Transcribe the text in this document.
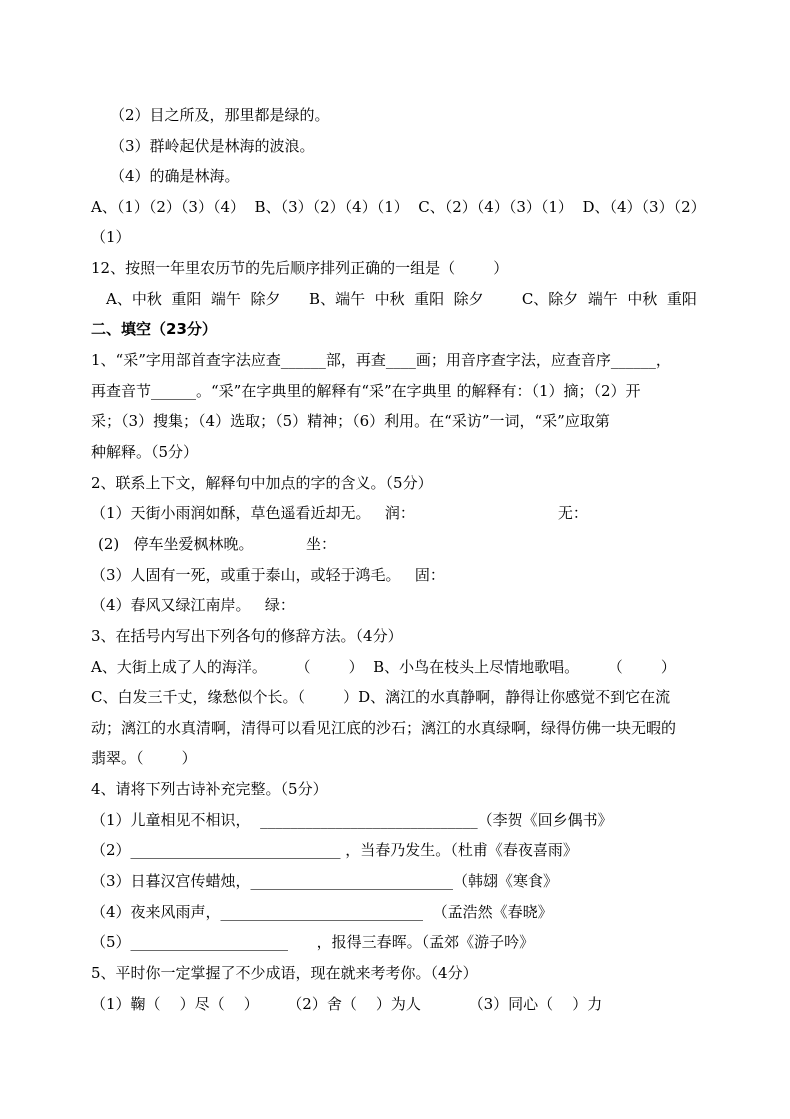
（2）目之所及，那里都是绿的。
（3）群岭起伏是林海的波浪。
（4）的确是林海。
A、（1）（2）（3）（4）  B、（3）（2）（4）（1）  C、（2）（4）（3）（1）  D、（4）（3）（2）
（1）
12、按照一年里农历节的先后顺序排列正确的一组是（        ）
A、中秋  重阳  端午  除夕      B、端午  中秋  重阳  除夕        C、除夕  端午  中秋  重阳
二、填空（23分）
1、“采”字用部首查字法应查______部，再查____画；用音序查字法，应查音序______，
再查音节______。“采”在字典里的解释有“采”在字典里 的解释有：（1）摘；（2）开
采；（3）搜集；（4）选取；（5）精神；（6）利用。在“采访”一词，“采”应取第
种解释。（5分）
2、联系上下文，解释句中加点的字的含义。（5分）
（1）天街小雨润如酥，草色遥看近却无。   润：                              无：
(2)   停车坐爱枫林晚。           坐：
（3）人固有一死，或重于泰山，或轻于鸿毛。   固：
（4）春风又绿江南岸。   绿：
3、在括号内写出下列各句的修辞方法。（4分）
A、大街上成了人的海洋。      （        ）  B、小鸟在枝头上尽情地歌唱。      （        ）
C、白发三千丈，缘愁似个长。（        ）D、漓江的水真静啊，静得让你感觉不到它在流
动；漓江的水真清啊，清得可以看见江底的沙石；漓江的水真绿啊，绿得仿佛一块无暇的
翡翠。（        ）
4、请将下列古诗补充完整。（5分）
（1）儿童相见不相识，  _____________________________（李贺《回乡偶书》
（2）____________________________ ，当春乃发生。（杜甫《春夜喜雨》
（3）日暮汉宫传蜡烛，___________________________（韩翃《寒食》
（4）夜来风雨声，___________________________  （孟浩然《春晓》
（5）_____________________      ，报得三春晖。（孟郊《游子吟》
5、平时你一定掌握了不少成语，现在就来考考你。（4分）
（1）鞠（    ）尽（    ）      （2）舍（    ）为人          （3）同心（    ）力
